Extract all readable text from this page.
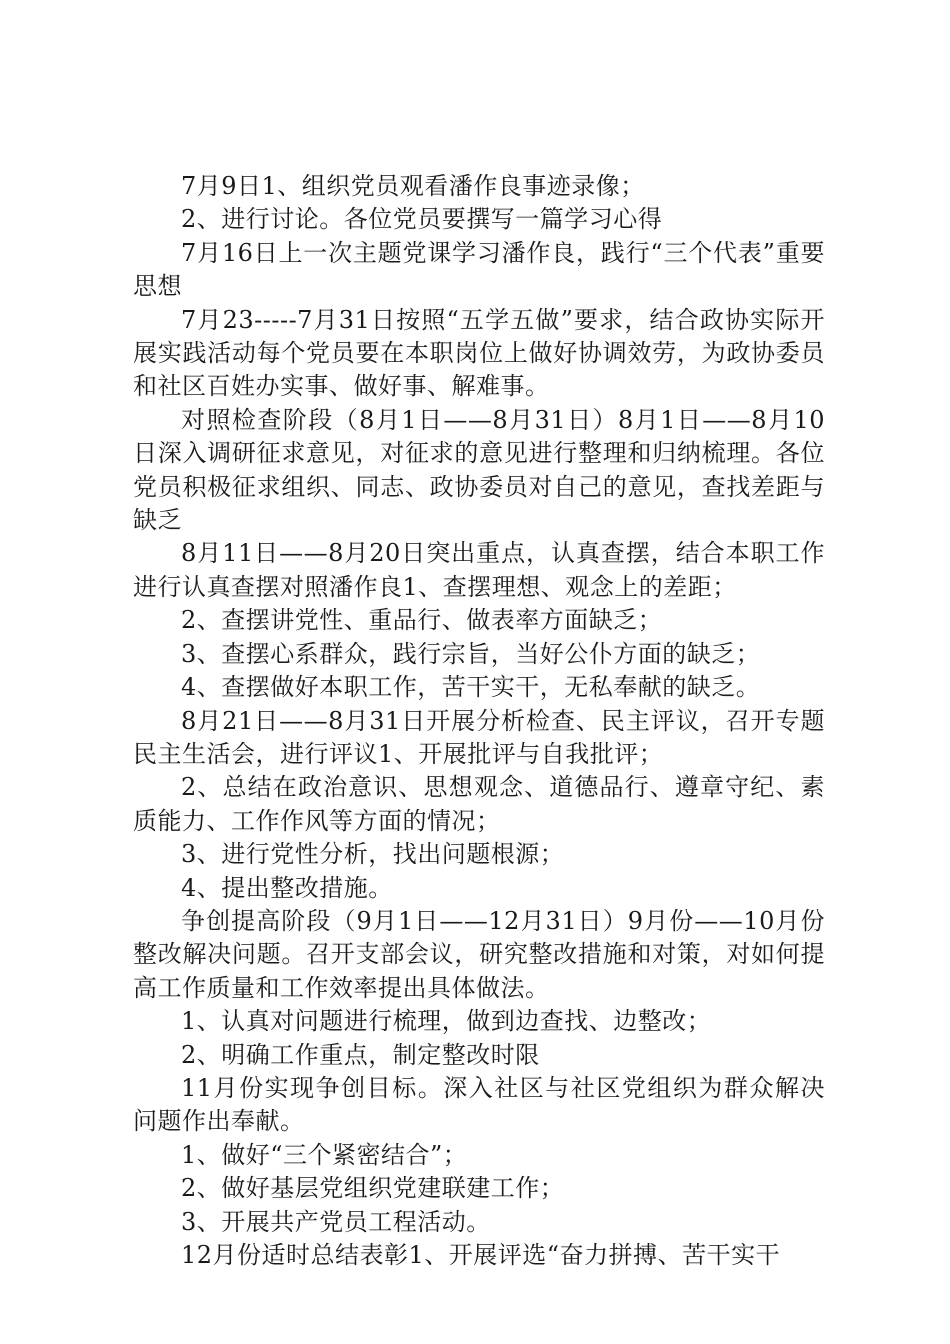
7月9日1、组织党员观看潘作良事迹录像；

2、进行讨论。各位党员要撰写一篇学习心得

7月16日上一次主题党课学习潘作良，践行“三个代表”重要思想

7月23-----7月31日按照“五学五做”要求，结合政协实际开展实践活动每个党员要在本职岗位上做好协调效劳，为政协委员和社区百姓办实事、做好事、解难事。

对照检查阶段（8月1日——8月31日）8月1日——8月10日深入调研征求意见，对征求的意见进行整理和归纳梳理。各位党员积极征求组织、同志、政协委员对自己的意见，查找差距与缺乏

8月11日——8月20日突出重点，认真查摆，结合本职工作进行认真查摆对照潘作良1、查摆理想、观念上的差距；

2、查摆讲党性、重品行、做表率方面缺乏；

3、查摆心系群众，践行宗旨，当好公仆方面的缺乏；

4、查摆做好本职工作，苦干实干，无私奉献的缺乏。

8月21日——8月31日开展分析检查、民主评议，召开专题民主生活会，进行评议1、开展批评与自我批评；

2、总结在政治意识、思想观念、道德品行、遵章守纪、素质能力、工作作风等方面的情况；

3、进行党性分析，找出问题根源；

4、提出整改措施。

争创提高阶段（9月1日——12月31日）9月份——10月份整改解决问题。召开支部会议，研究整改措施和对策，对如何提高工作质量和工作效率提出具体做法。

1、认真对问题进行梳理，做到边查找、边整改；

2、明确工作重点，制定整改时限

11月份实现争创目标。深入社区与社区党组织为群众解决问题作出奉献。

1、做好“三个紧密结合”；

2、做好基层党组织党建联建工作；

3、开展共产党员工程活动。

12月份适时总结表彰1、开展评选“奋力拼搏、苦干实干
